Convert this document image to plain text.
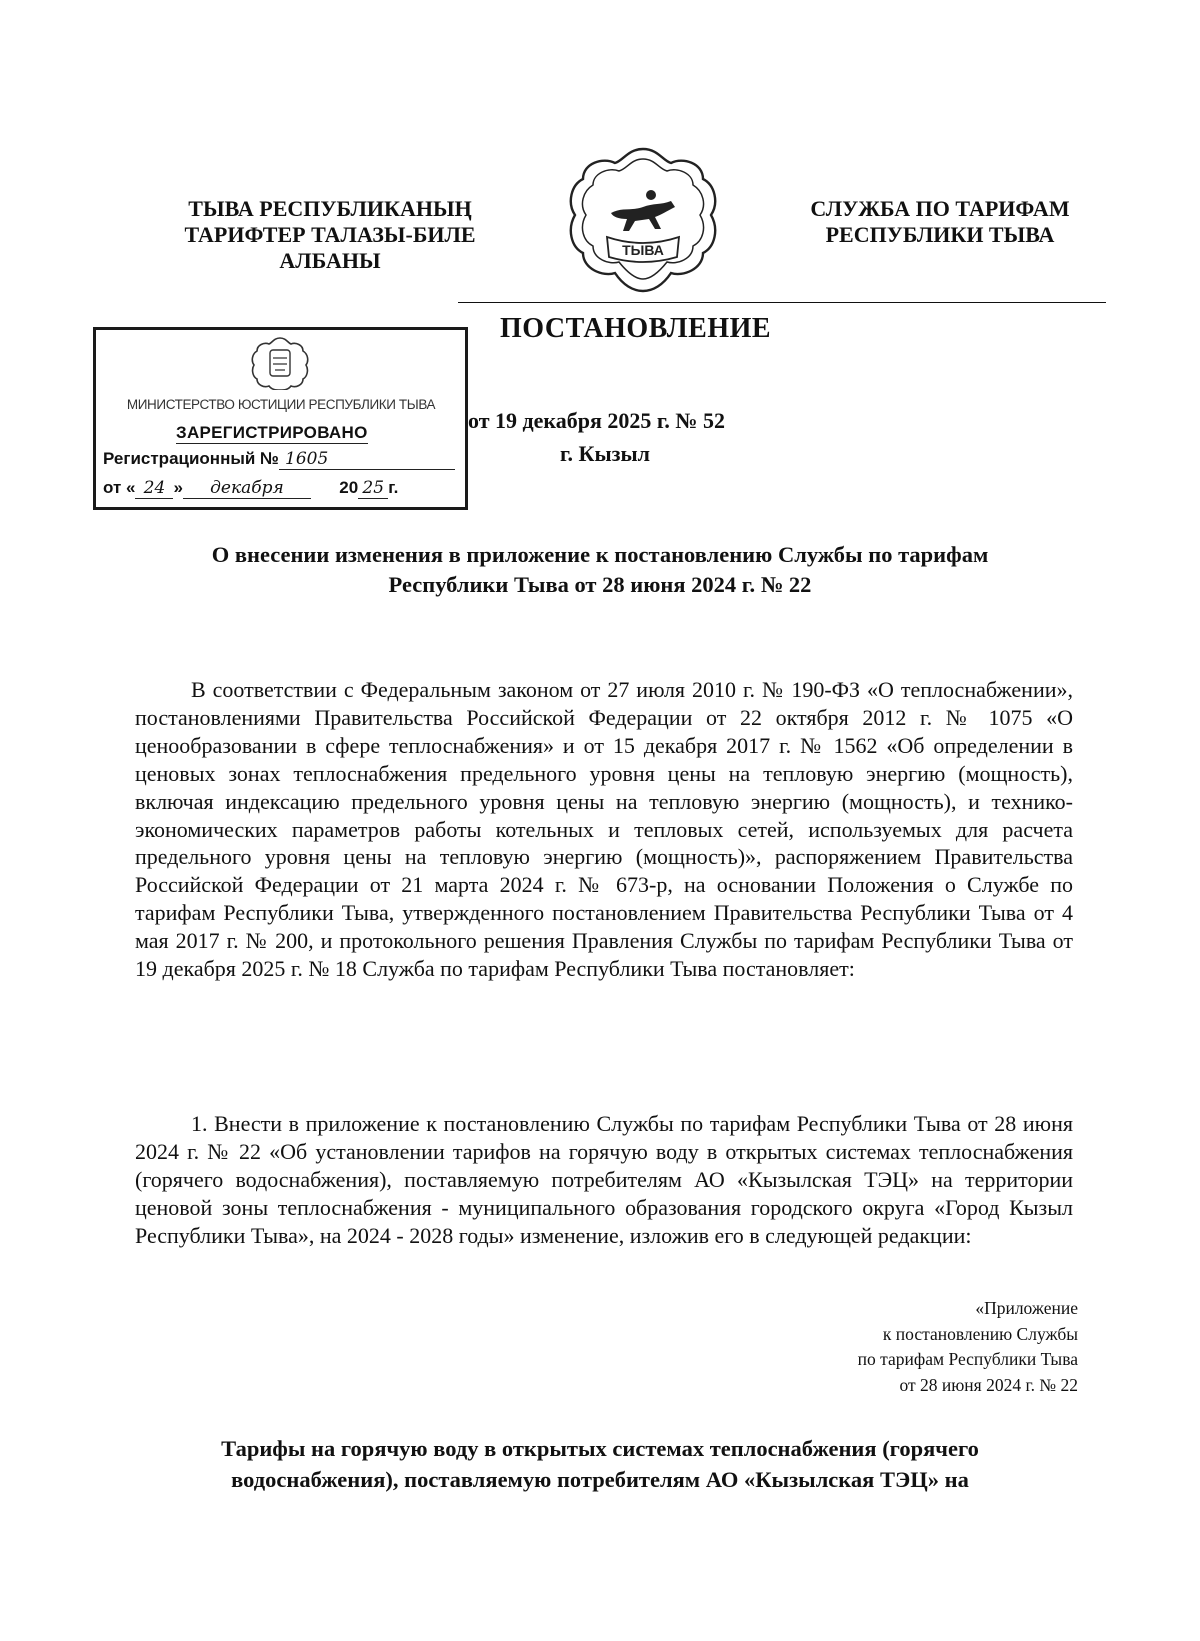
ТЫВА РЕСПУБЛИКАНЫҢ
ТАРИФТЕР ТАЛАЗЫ-БИЛЕ
АЛБАНЫ	ТЫВА
СЛУЖБА ПО ТАРИФАМ
РЕСПУБЛИКИ ТЫВА
ПОСТАНОВЛЕНИЕ
МИНИСТЕРСТВО ЮСТИЦИИ РЕСПУБЛИКИ ТЫВА
ЗАРЕГИСТРИРОВАНО
Регистрационный № 1605
от « 24 » декабря	20 25 г.
от 19 декабря 2025 г. № 52
г. Кызыл
О внесении изменения в приложение к постановлению Службы по тарифам
Республики Тыва от 28 июня 2024 г. № 22
В соответствии с Федеральным законом от 27 июля 2010 г. № 190-ФЗ «О теплоснабжении», постановлениями Правительства Российской Федерации от 22 октября 2012 г. № 1075 «О ценообразовании в сфере теплоснабжения» и от 15 декабря 2017 г. № 1562 «Об определении в ценовых зонах теплоснабжения предельного уровня цены на тепловую энергию (мощность), включая индексацию предельного уровня цены на тепловую энергию (мощность), и технико-экономических параметров работы котельных и тепловых сетей, используемых для расчета предельного уровня цены на тепловую энергию (мощность)», распоряжением Правительства Российской Федерации от 21 марта 2024 г. № 673-р, на основании Положения о Службе по тарифам Республики Тыва, утвержденного постановлением Правительства Республики Тыва от 4 мая 2017 г. № 200, и протокольного решения Правления Службы по тарифам Республики Тыва от 19 декабря 2025 г. № 18 Служба по тарифам Республики Тыва постановляет:
1. Внести в приложение к постановлению Службы по тарифам Республики Тыва от 28 июня 2024 г. № 22 «Об установлении тарифов на горячую воду в открытых системах теплоснабжения (горячего водоснабжения), поставляемую потребителям АО «Кызылская ТЭЦ» на территории ценовой зоны теплоснабжения - муниципального образования городского округа «Город Кызыл Республики Тыва», на 2024 - 2028 годы» изменение, изложив его в следующей редакции:
«Приложение
к постановлению Службы
по тарифам Республики Тыва
от 28 июня 2024 г. № 22
Тарифы на горячую воду в открытых системах теплоснабжения (горячего
водоснабжения), поставляемую потребителям АО «Кызылская ТЭЦ» на
